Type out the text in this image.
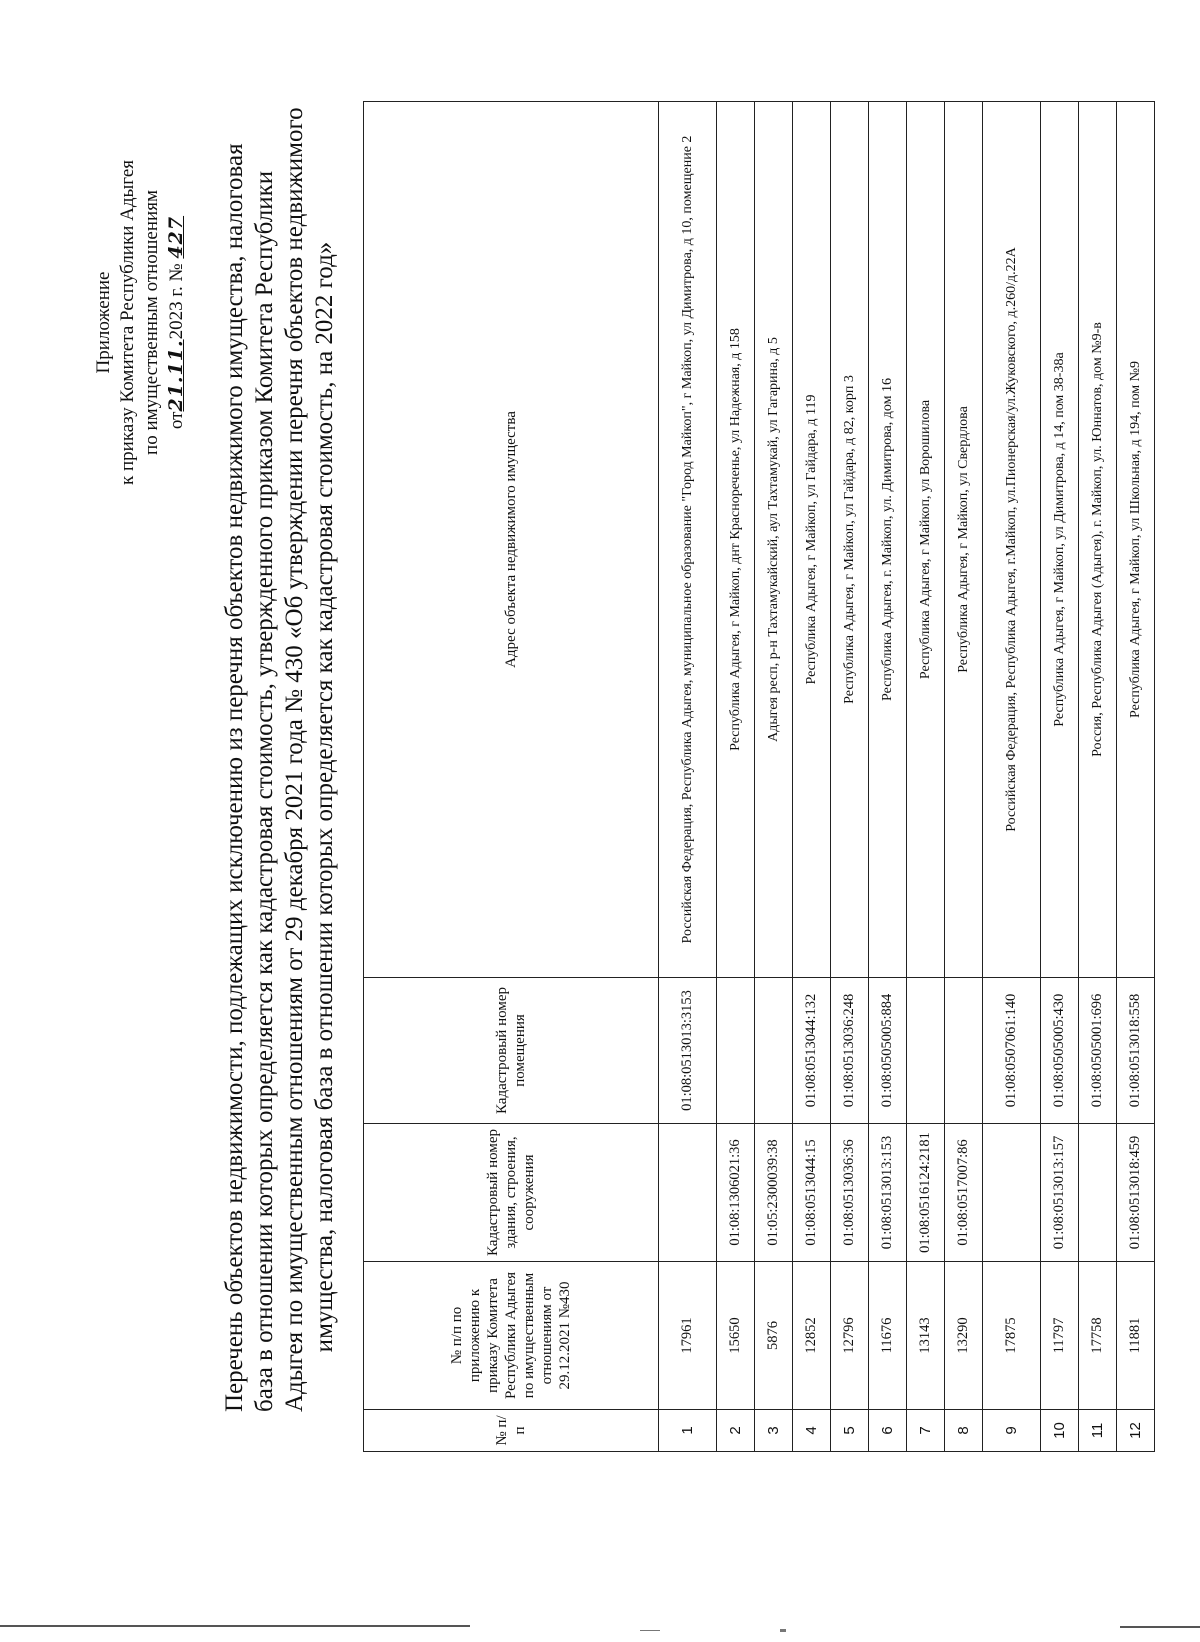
Приложение к приказу Комитета Республики Адыгея по имущественным отношениям от21.11.2023 г. № 427 Перечень объектов недвижимости, подлежащих исключению из перечня объектов недвижимого имущества, налоговая база в отношении которых определяется как кадастровая стоимость, утвержденного приказом Комитета Республики Адыгея по имущественным отношениям от 29 декабря 2021 года № 430 «Об утверждении перечня объектов недвижимого имущества, налоговая база в отношении которых определяется как кадастровая стоимость, на 2022 год»
№ п/п	№ п/п по приложению к приказу Комитета Республики Адыгея по имущественным отношениям от 29.12.2021 №430	Кадастровый номер здания, строения, сооружения	Кадастровый номер помещения	Адрес объекта недвижимого имущества
1	17961		01:08:0513013:3153	Российская Федерация, Республика Адыгея, муниципальное образование "Город Майкоп", г Майкоп, ул Димитрова, д 10, помещение 2
2	15650	01:08:1306021:36		Республика Адыгея, г Майкоп, днт Краснореченье, ул Надежная, д 158
3	5876	01:05:2300039:38		Адыгея респ, р-н Тахтамукайский, аул Тахтамукай, ул Гагарина, д 5
4	12852	01:08:0513044:15	01:08:0513044:132	Республика Адыгея, г Майкоп, ул Гайдара, д 119
5	12796	01:08:0513036:36	01:08:0513036:248	Республика Адыгея, г Майкоп, ул Гайдара, д 82, корп 3
6	11676	01:08:0513013:153	01:08:0505005:884	Республика Адыгея, г. Майкоп, ул. Димитрова, дом 16
7	13143	01:08:0516124:2181		Республика Адыгея, г Майкоп, ул Ворошилова
8	13290	01:08:0517007:86		Республика Адыгея, г Майкоп, ул Свердлова
9	17875		01:08:0507061:140	Российская Федерация, Республика Адыгея, г.Майкоп, ул.Пионерская/ул.Жуковского, д.260/д.22А
10	11797	01:08:0513013:157	01:08:0505005:430	Республика Адыгея, г Майкоп, ул Димитрова, д 14, пом 38-38а
11	17758		01:08:0505001:696	Россия, Республика Адыгея (Адыгея), г. Майкоп, ул. Юннатов, дом №9-в
12	11881	01:08:0513018:459	01:08:0513018:558	Республика Адыгея, г Майкоп, ул Школьная, д 194, пом №9
